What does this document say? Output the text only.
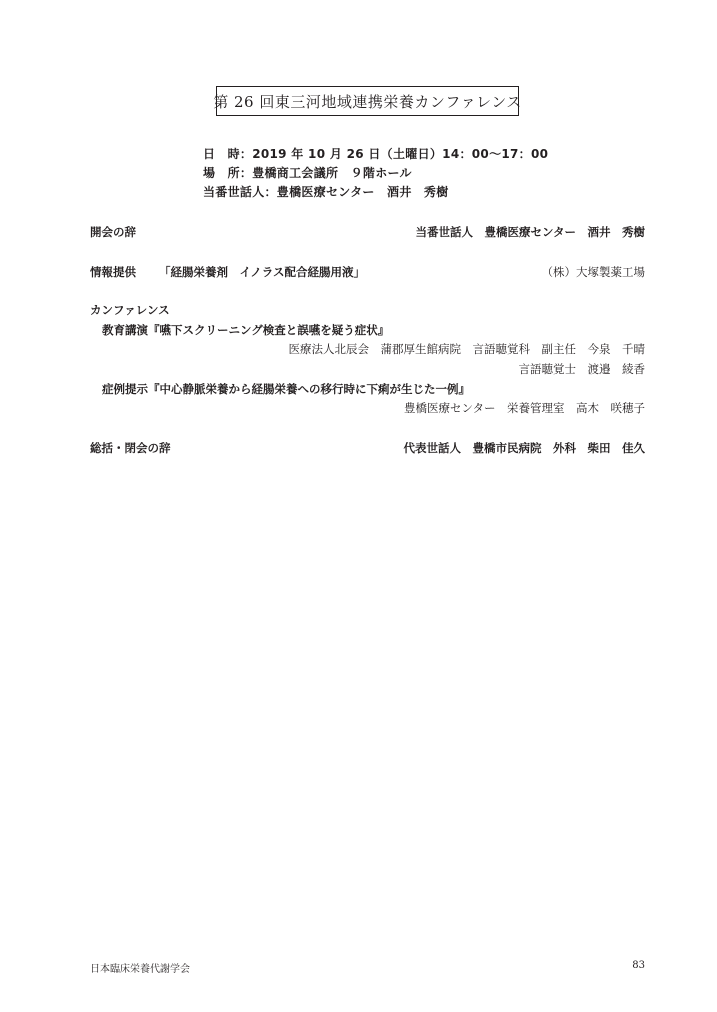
第 26 回東三河地域連携栄養カンファレンス
日　時：2019 年 10 月 26 日（土曜日）14：00〜17：00
場　所：豊橋商工会議所　９階ホール
当番世話人：豊橋医療センター　酒井　秀樹
開会の辞	当番世話人　豊橋医療センター　酒井　秀樹
情報提供 「経腸栄養剤　イノラス配合経腸用液」	（株）大塚製薬工場
カンファレンス
教育講演『嚥下スクリーニング検査と誤嚥を疑う症状』
医療法人北辰会　蒲郡厚生館病院　言語聴覚科　副主任　今泉　千晴
言語聴覚士　渡邉　綾香
症例提示『中心静脈栄養から経腸栄養への移行時に下痢が生じた一例』
豊橋医療センター　栄養管理室　高木　咲穂子
総括・閉会の辞	代表世話人　豊橋市民病院　外科　柴田　佳久
日本臨床栄養代謝学会	83
